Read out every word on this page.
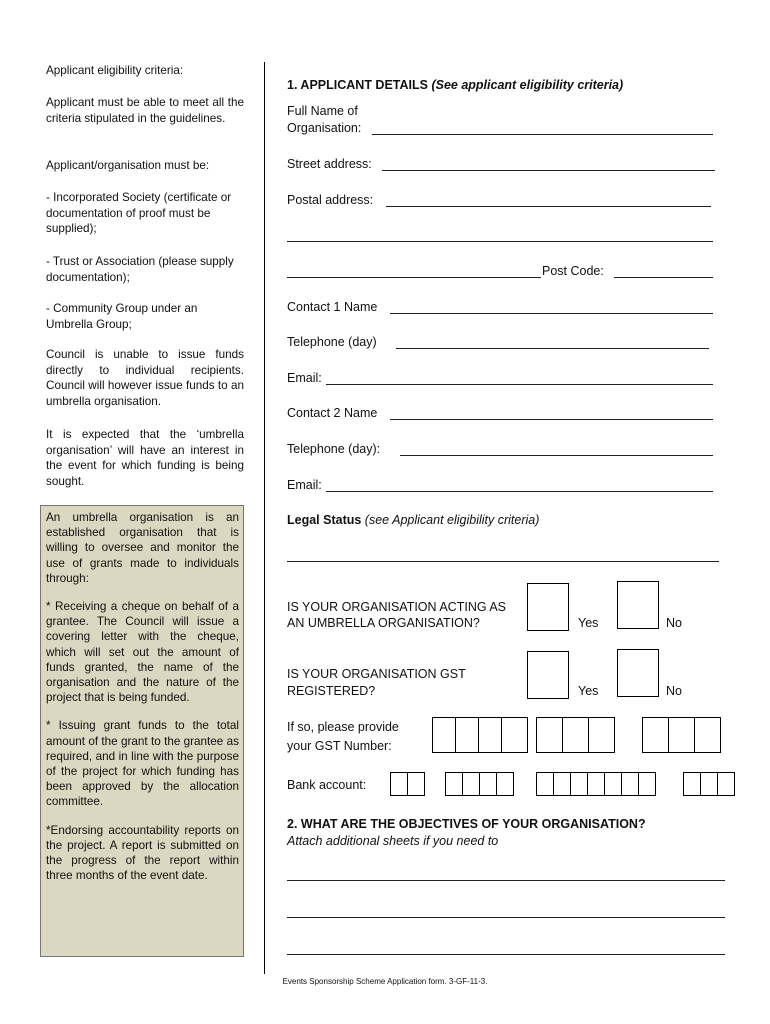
Applicant eligibility criteria:

Applicant must be able to meet all the criteria stipulated in the guidelines.

Applicant/organisation must be:

- Incorporated Society (certificate or documentation of proof must be supplied);

- Trust or Association (please supply documentation);

- Community Group under an Umbrella Group;

Council is unable to issue funds directly to individual recipients. Council will however issue funds to an umbrella organisation.

It is expected that the ‘umbrella organisation’ will have an interest in the event for which funding is being sought.

An umbrella organisation is an established organisation that is willing to oversee and monitor the use of grants made to individuals through:

* Receiving a cheque on behalf of a grantee. The Council will issue a covering letter with the cheque, which will set out the amount of funds granted, the name of the organisation and the nature of the project that is being funded.

* Issuing grant funds to the total amount of the grant to the grantee as required, and in line with the purpose of the project for which funding has been approved by the allocation committee.

*Endorsing accountability reports on the project. A report is submitted on the progress of the report within three months of the event date.

1. APPLICANT DETAILS (See applicant eligibility criteria)
Full Name of
Organisation:
Street address:
Postal address:
Post Code:
Contact 1 Name
Telephone (day)
Email:
Contact 2 Name
Telephone (day):
Email:
Legal Status (see Applicant eligibility criteria)
IS YOUR ORGANISATION ACTING AS
AN UMBRELLA ORGANISATION?	Yes	No
IS YOUR ORGANISATION GST
REGISTERED?	Yes	No
If so, please provide
your GST Number:
Bank account:
2. WHAT ARE THE OBJECTIVES OF YOUR ORGANISATION?
Attach additional sheets if you need to
Events Sponsorship Scheme Application form. 3-GF-11-3.
